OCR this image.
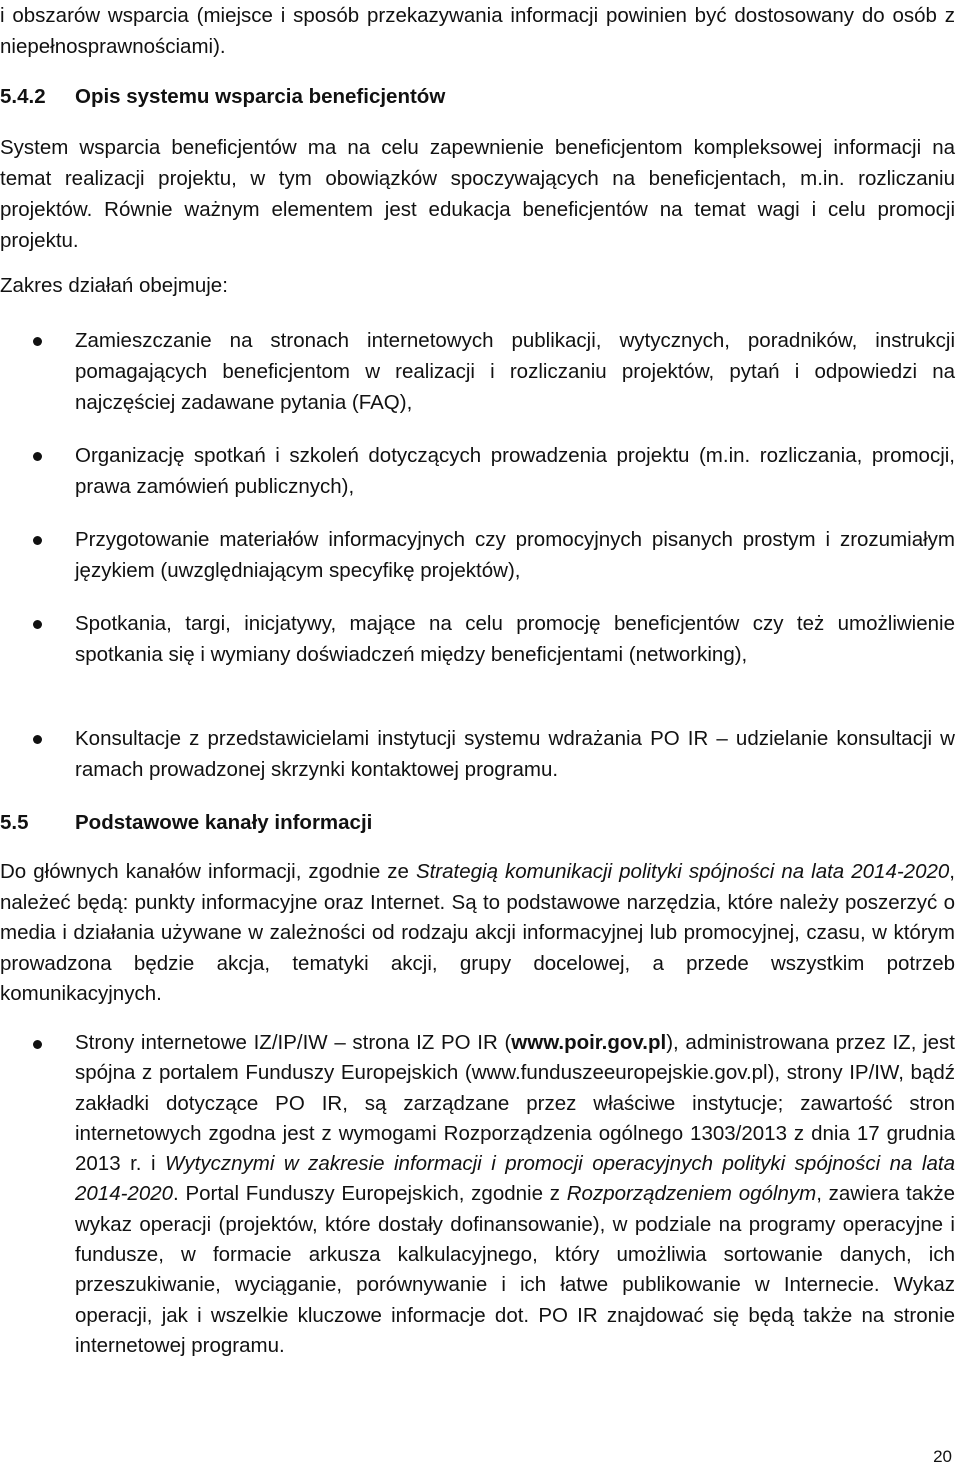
i obszarów wsparcia (miejsce i sposób przekazywania informacji powinien być dostosowany do osób z niepełnosprawnościami).

5.4.2 Opis systemu wsparcia beneficjentów

System wsparcia beneficjentów ma na celu zapewnienie beneficjentom kompleksowej informacji na temat realizacji projektu, w tym obowiązków spoczywających na beneficjentach, m.in. rozliczaniu projektów. Równie ważnym elementem jest edukacja beneficjentów na temat wagi i celu promocji projektu.

Zakres działań obejmuje:

Zamieszczanie na stronach internetowych publikacji, wytycznych, poradników, instrukcji pomagających beneficjentom w realizacji i rozliczaniu projektów, pytań i odpowiedzi na najczęściej zadawane pytania (FAQ),
Organizację spotkań i szkoleń dotyczących prowadzenia projektu (m.in. rozliczania, promocji, prawa zamówień publicznych),
Przygotowanie materiałów informacyjnych czy promocyjnych pisanych prostym i zrozumiałym językiem (uwzględniającym specyfikę projektów),
Spotkania, targi, inicjatywy, mające na celu promocję beneficjentów czy też umożliwienie spotkania się i wymiany doświadczeń między beneficjentami (networking),
Konsultacje z przedstawicielami instytucji systemu wdrażania PO IR – udzielanie konsultacji w ramach prowadzonej skrzynki kontaktowej programu.
5.5 Podstawowe kanały informacji

Do głównych kanałów informacji, zgodnie ze Strategią komunikacji polityki spójności na lata 2014-2020, należeć będą: punkty informacyjne oraz Internet. Są to podstawowe narzędzia, które należy poszerzyć o media i działania używane w zależności od rodzaju akcji informacyjnej lub promocyjnej, czasu, w którym prowadzona będzie akcja, tematyki akcji, grupy docelowej, a przede wszystkim potrzeb komunikacyjnych.

Strony internetowe IZ/IP/IW – strona IZ PO IR (www.poir.gov.pl), administrowana przez IZ, jest spójna z portalem Funduszy Europejskich (www.funduszeeuropejskie.gov.pl), strony IP/IW, bądź zakładki dotyczące PO IR, są zarządzane przez właściwe instytucje; zawartość stron internetowych zgodna jest z wymogami Rozporządzenia ogólnego 1303/2013 z dnia 17 grudnia 2013 r. i Wytycznymi w zakresie informacji i promocji operacyjnych polityki spójności na lata 2014-2020. Portal Funduszy Europejskich, zgodnie z Rozporządzeniem ogólnym, zawiera także wykaz operacji (projektów, które dostały dofinansowanie), w podziale na programy operacyjne i fundusze, w formacie arkusza kalkulacyjnego, który umożliwia sortowanie danych, ich przeszukiwanie, wyciąganie, porównywanie i ich łatwe publikowanie w Internecie. Wykaz operacji, jak i wszelkie kluczowe informacje dot. PO IR znajdować się będą także na stronie internetowej programu.
20
